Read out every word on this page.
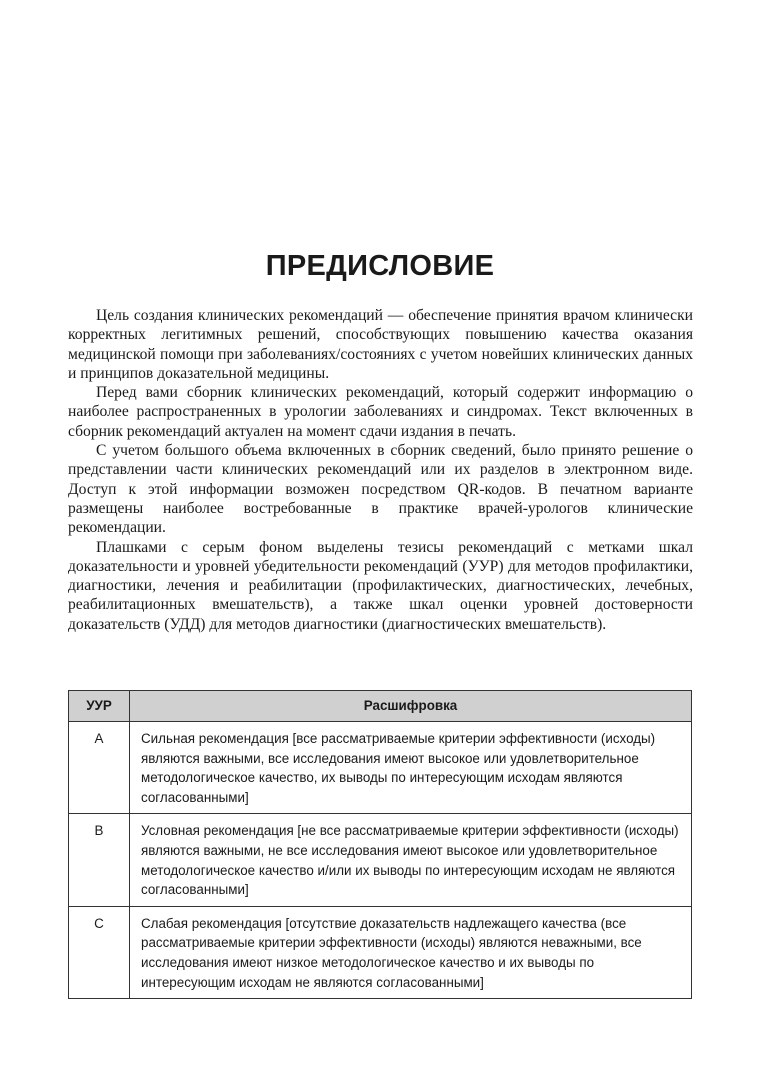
ПРЕДИСЛОВИЕ

Цель создания клинических рекомендаций — обеспечение принятия врачом клинически корректных легитимных решений, способствующих повышению качества оказания медицинской помощи при заболеваниях/состояниях с учетом новейших клинических данных и принципов доказательной медицины.

Перед вами сборник клинических рекомендаций, который содержит информацию о наиболее распространенных в урологии заболеваниях и синдромах. Текст включенных в сборник рекомендаций актуален на момент сдачи издания в печать.

С учетом большого объема включенных в сборник сведений, было принято решение о представлении части клинических рекомендаций или их разделов в электронном виде. Доступ к этой информации возможен посредством QR-кодов. В печатном варианте размещены наиболее востребованные в практике врачей-урологов клинические рекомендации.

Плашками с серым фоном выделены тезисы рекомендаций с метками шкал доказательности и уровней убедительности рекомендаций (УУР) для методов профилактики, диагностики, лечения и реабилитации (профилактических, диагностических, лечебных, реабилитационных вмешательств), а также шкал оценки уровней достоверности доказательств (УДД) для методов диагностики (диагностических вмешательств).

УУР	Расшифровка
A	Сильная рекомендация [все рассматриваемые критерии эффективности (исходы) являются важными, все исследования имеют высокое или удовлетворительное методологическое качество, их выводы по интересующим исходам являются согласованными]
B	Условная рекомендация [не все рассматриваемые критерии эффективности (исходы) являются важными, не все исследования имеют высокое или удовлетворительное методологическое качество и/или их выводы по интересующим исходам не являются согласованными]
C	Слабая рекомендация [отсутствие доказательств надлежащего качества (все рассматриваемые критерии эффективности (исходы) являются неважными, все исследования имеют низкое методологическое качество и их выводы по интересующим исходам не являются согласованными]
